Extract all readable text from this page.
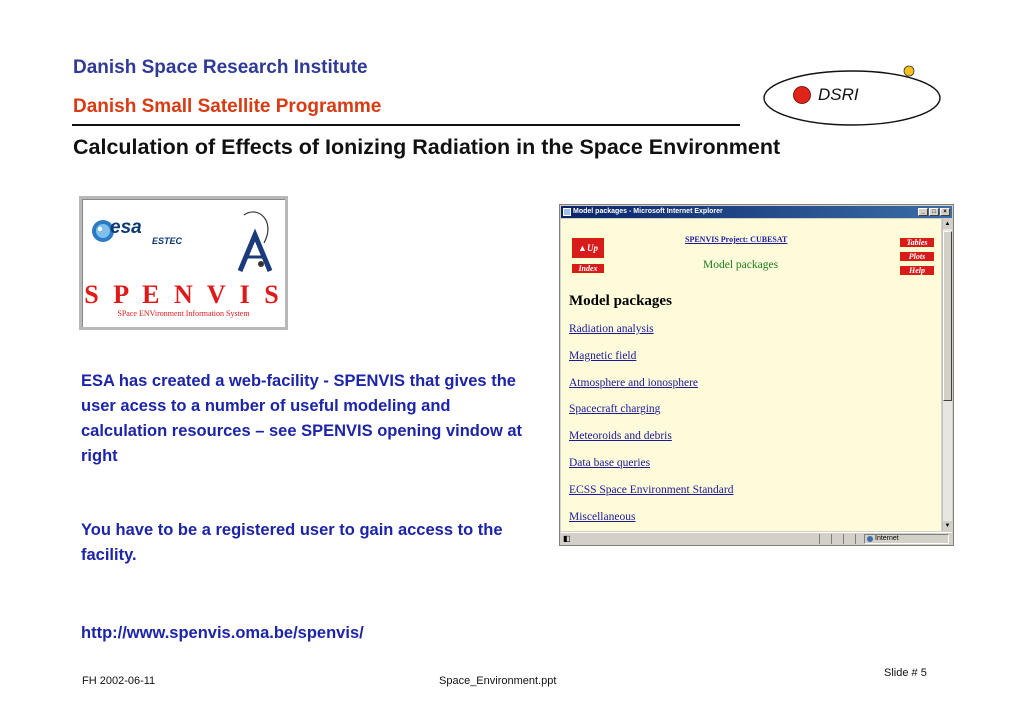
Danish Space Research Institute
Danish Small Satellite Programme
Calculation of Effects of Ionizing Radiation in the Space Environment
DSRI
esa
ESTEC
S P E N V I S
SPace ENVironment Information System
ESA has created a web-facility - SPENVIS that gives the user acess to a number of useful modeling and calculation resources – see SPENVIS opening vindow at right
You have to be a registered user to gain access to the facility.
http://www.spenvis.oma.be/spenvis/
Model packages - Microsoft Internet Explorer	_	□	×
▲Up
Index
Tables
Plots
Help
SPENVIS Project: CUBESAT
Model packages
Model packages
Radiation analysis
Magnetic field
Atmosphere and ionosphere
Spacecraft charging
Meteoroids and debris
Data base queries
ECSS Space Environment Standard
Miscellaneous
▲
▼
◧	Internet
FH 2002-06-11	Space_Environment.ppt
Slide # 5
